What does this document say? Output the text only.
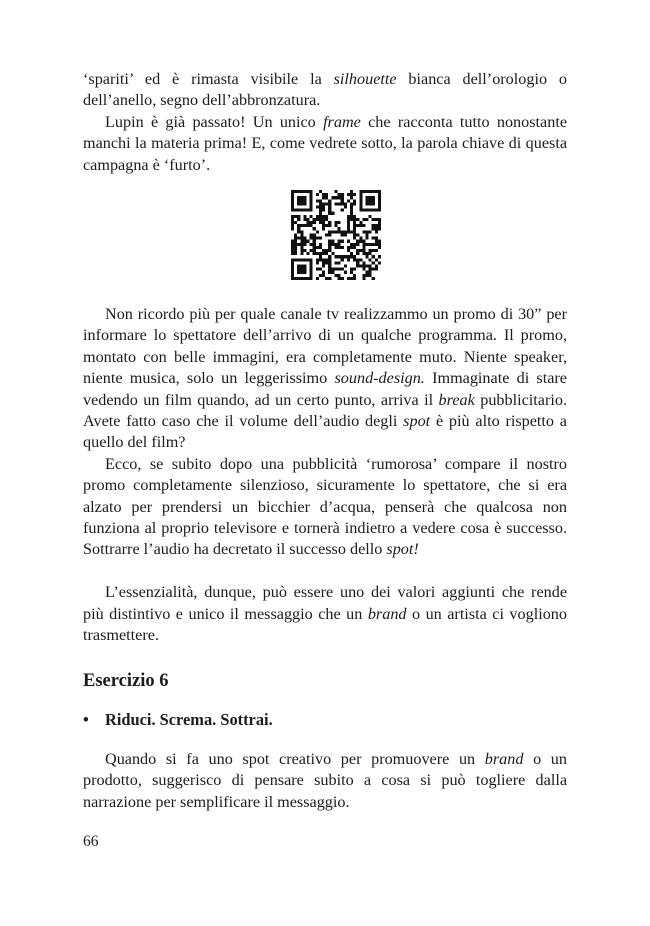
‘spariti’ ed è rimasta visibile la silhouette bianca dell’orologio o dell’anello, segno dell’abbronzatura.

Lupin è già passato! Un unico frame che racconta tutto nonostante manchi la materia prima! E, come vedrete sotto, la parola chiave di questa campagna è ‘furto’.

Non ricordo più per quale canale tv realizzammo un promo di 30” per informare lo spettatore dell’arrivo di un qualche programma. Il promo, montato con belle immagini, era completamente muto. Niente speaker, niente musica, solo un leggerissimo sound-design. Immaginate di stare vedendo un film quando, ad un certo punto, arriva il break pubblicitario. Avete fatto caso che il volume dell’audio degli spot è più alto rispetto a quello del film?

Ecco, se subito dopo una pubblicità ‘rumorosa’ compare il nostro promo completamente silenzioso, sicuramente lo spettatore, che si era alzato per prendersi un bicchier d’acqua, penserà che qualcosa non funziona al proprio televisore e tornerà indietro a vedere cosa è successo. Sottrarre l’audio ha decretato il successo dello spot!

L’essenzialità, dunque, può essere uno dei valori aggiunti che rende più distintivo e unico il messaggio che un brand o un artista ci vogliono trasmettere.

Esercizio 6
• Riduci. Screma. Sottrai.

Quando si fa uno spot creativo per promuovere un brand o un prodotto, suggerisco di pensare subito a cosa si può togliere dalla narrazione per semplificare il messaggio.

66
